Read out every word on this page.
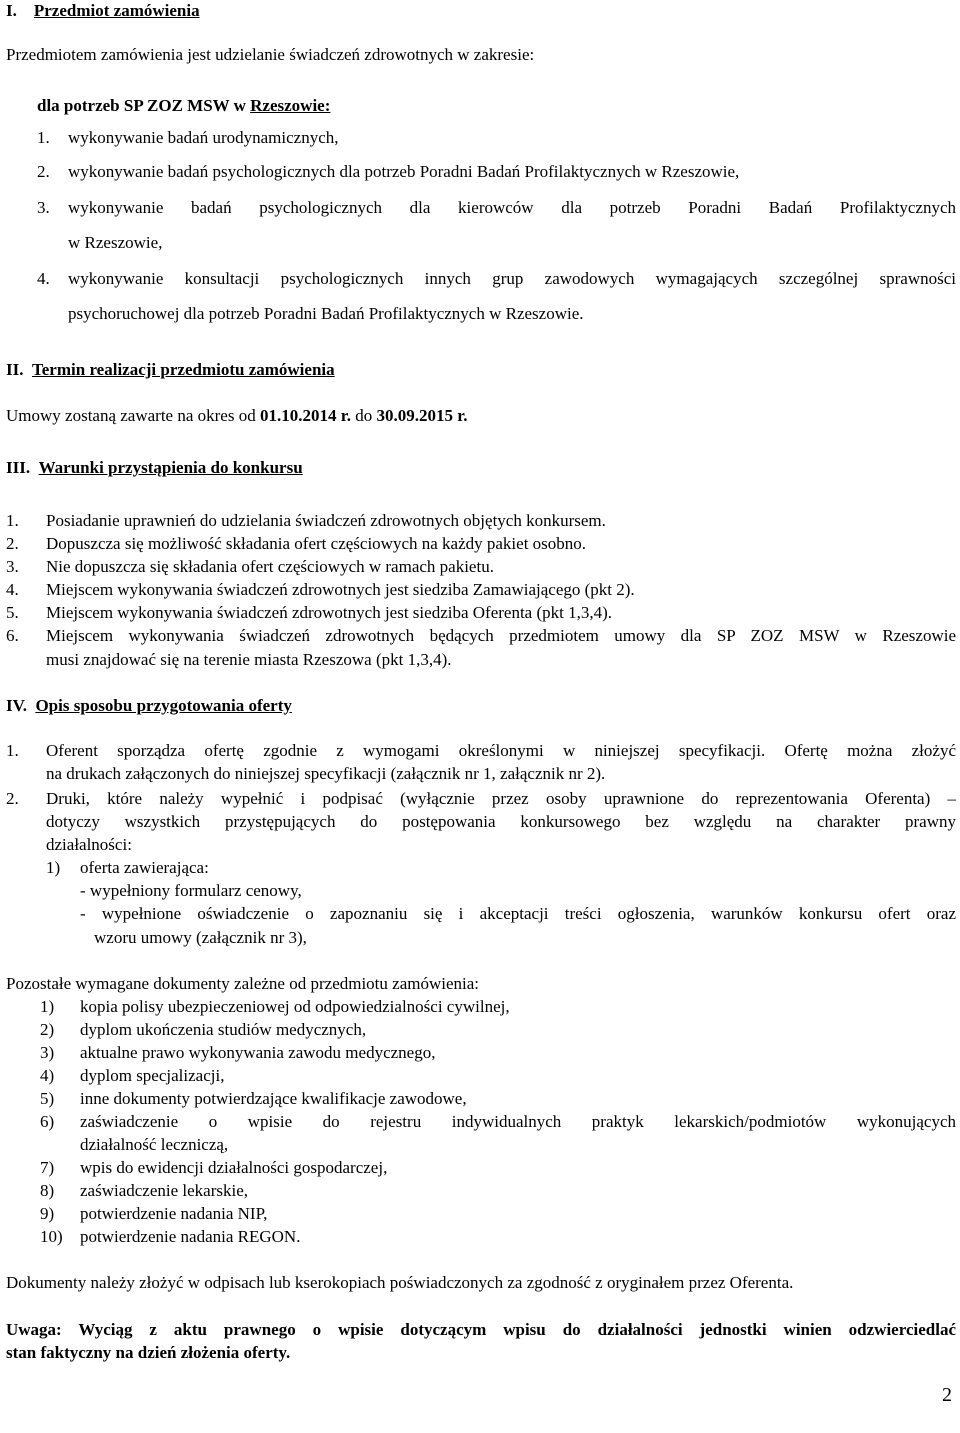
I. Przedmiot zamówienia
Przedmiotem zamówienia jest udzielanie świadczeń zdrowotnych w zakresie:
dla potrzeb SP ZOZ MSW w Rzeszowie:
1. wykonywanie badań urodynamicznych,
2. wykonywanie badań psychologicznych dla potrzeb Poradni Badań Profilaktycznych w Rzeszowie,
3. wykonywanie badań psychologicznych dla kierowców dla potrzeb Poradni Badań Profilaktycznych
w Rzeszowie,
4. wykonywanie konsultacji psychologicznych innych grup zawodowych wymagających szczególnej sprawności
psychoruchowej dla potrzeb Poradni Badań Profilaktycznych w Rzeszowie.
II. Termin realizacji przedmiotu zamówienia
Umowy zostaną zawarte na okres od 01.10.2014 r. do 30.09.2015 r.
III. Warunki przystąpienia do konkursu
1. Posiadanie uprawnień do udzielania świadczeń zdrowotnych objętych konkursem.
2. Dopuszcza się możliwość składania ofert częściowych na każdy pakiet osobno.
3. Nie dopuszcza się składania ofert częściowych w ramach pakietu.
4. Miejscem wykonywania świadczeń zdrowotnych jest siedziba Zamawiającego (pkt 2).
5. Miejscem wykonywania świadczeń zdrowotnych jest siedziba Oferenta (pkt 1,3,4).
6. Miejscem wykonywania świadczeń zdrowotnych będących przedmiotem umowy dla SP ZOZ MSW w Rzeszowie
musi znajdować się na terenie miasta Rzeszowa (pkt 1,3,4).
IV. Opis sposobu przygotowania oferty
1. Oferent sporządza ofertę zgodnie z wymogami określonymi w niniejszej specyfikacji. Ofertę można złożyć
na drukach załączonych do niniejszej specyfikacji (załącznik nr 1, załącznik nr 2).
2. Druki, które należy wypełnić i podpisać (wyłącznie przez osoby uprawnione do reprezentowania Oferenta) –
dotyczy wszystkich przystępujących do postępowania konkursowego bez względu na charakter prawny
działalności:
1) oferta zawierająca:
- wypełniony formularz cenowy,
- wypełnione oświadczenie o zapoznaniu się i akceptacji treści ogłoszenia, warunków konkursu ofert oraz
wzoru umowy (załącznik nr 3),
Pozostałe wymagane dokumenty zależne od przedmiotu zamówienia:
1) kopia polisy ubezpieczeniowej od odpowiedzialności cywilnej,
2) dyplom ukończenia studiów medycznych,
3) aktualne prawo wykonywania zawodu medycznego,
4) dyplom specjalizacji,
5) inne dokumenty potwierdzające kwalifikacje zawodowe,
6) zaświadczenie o wpisie do rejestru indywidualnych praktyk lekarskich/podmiotów wykonujących
działalność leczniczą,
7) wpis do ewidencji działalności gospodarczej,
8) zaświadczenie lekarskie,
9) potwierdzenie nadania NIP,
10) potwierdzenie nadania REGON.
Dokumenty należy złożyć w odpisach lub kserokopiach poświadczonych za zgodność z oryginałem przez Oferenta.
Uwaga: Wyciąg z aktu prawnego o wpisie dotyczącym wpisu do działalności jednostki winien odzwierciedlać
stan faktyczny na dzień złożenia oferty.
2
